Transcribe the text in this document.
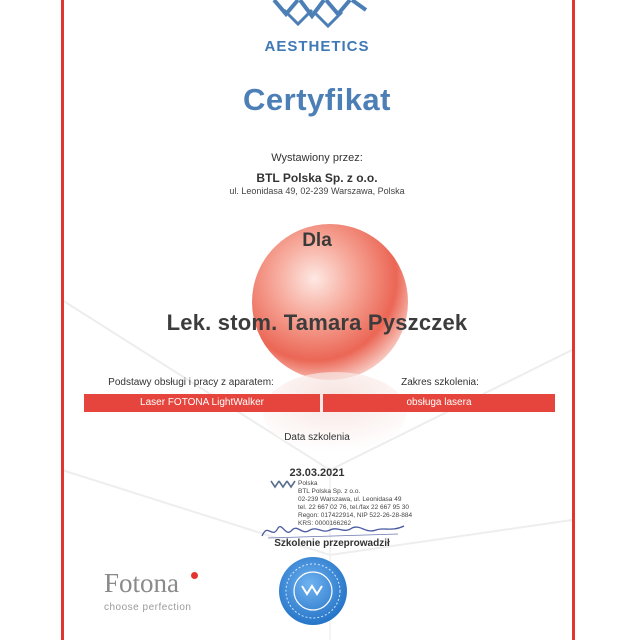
AESTHETICS
Certyfikat
Wystawiony przez:
BTL Polska Sp. z o.o.
ul. Leonidasa 49, 02-239 Warszawa, Polska
Dla
Lek. stom. Tamara Pyszczek
Podstawy obsługi i pracy z aparatem:	Zakres szkolenia:
Laser FOTONA LightWalker	obsługa lasera
Data szkolenia
23.03.2021
Polska
BTL Polska Sp. z o.o.
02-239 Warszawa, ul. Leonidasa 49
tel. 22 667 02 76, tel./fax 22 667 95 30
Regon: 017422914, NIP 522-26-28-884
KRS: 0000166262
Szkolenie przeprowadził
Fotona
choose perfection
